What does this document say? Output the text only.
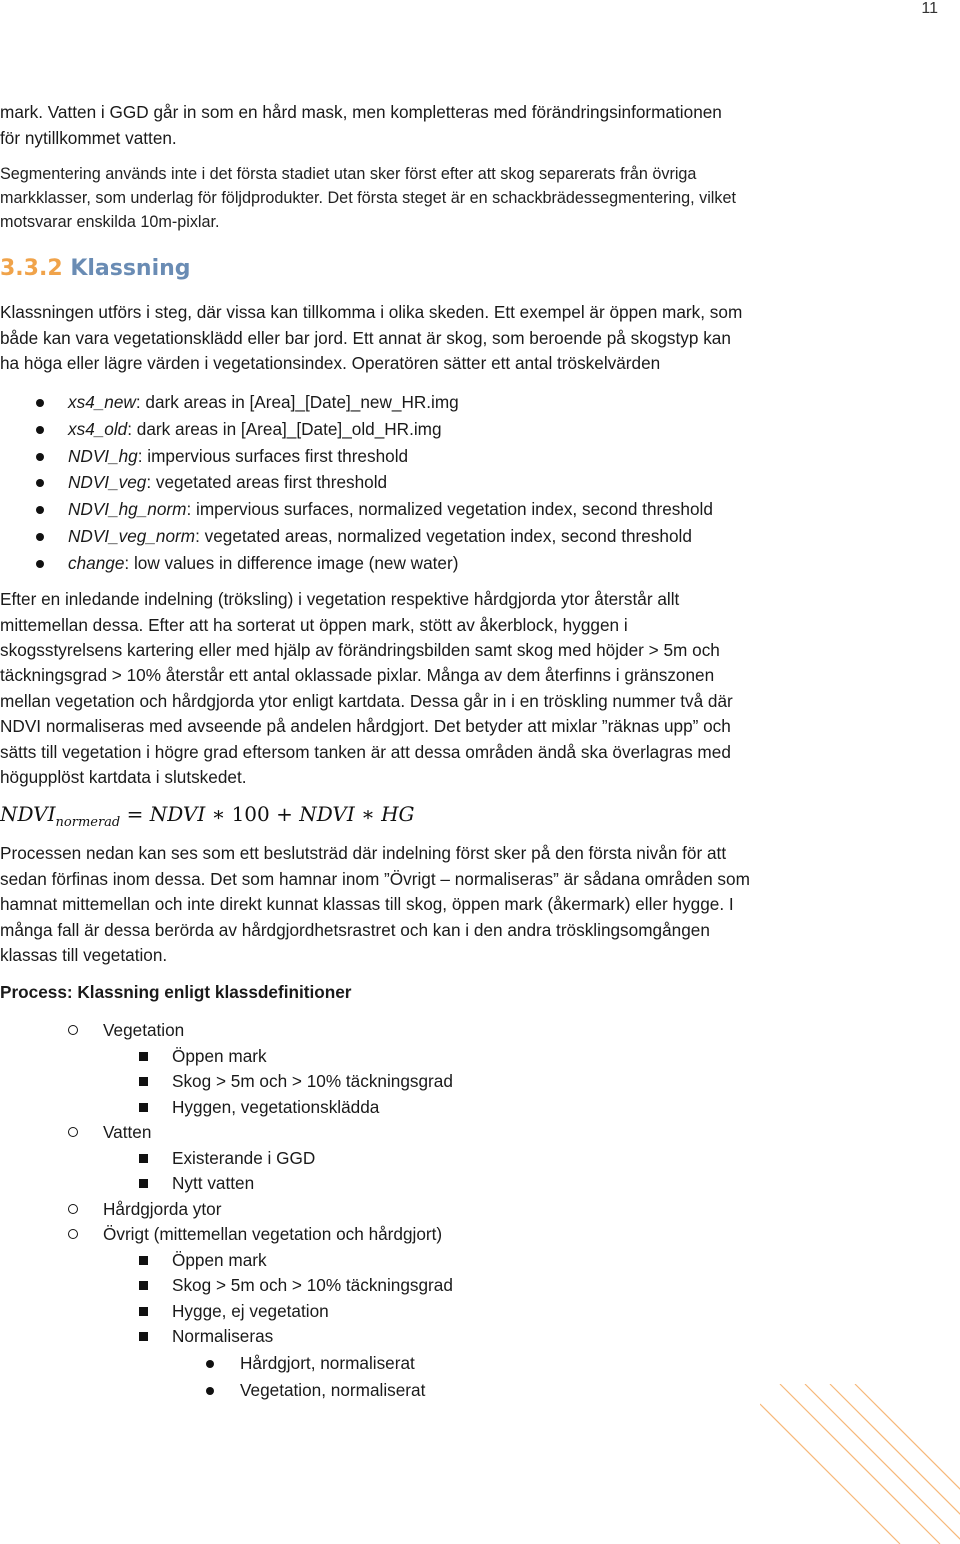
11

mark. Vatten i GGD går in som en hård mask, men kompletteras med förändringsinformationen

för nytillkommet vatten.

Segmentering används inte i det första stadiet utan sker först efter att skog separerats från övriga

markklasser, som underlag för följdprodukter. Det första steget är en schackbrädessegmentering, vilket

motsvarar enskilda 10m-pixlar.

3.3.2 Klassning

Klassningen utförs i steg, där vissa kan tillkomma i olika skeden. Ett exempel är öppen mark, som

både kan vara vegetationsklädd eller bar jord. Ett annat är skog, som beroende på skogstyp kan

ha höga eller lägre värden i vegetationsindex. Operatören sätter ett antal tröskelvärden

xs4_new: dark areas in [Area]_[Date]_new_HR.img
xs4_old: dark areas in [Area]_[Date]_old_HR.img
NDVI_hg: impervious surfaces first threshold
NDVI_veg: vegetated areas first threshold
NDVI_hg_norm: impervious surfaces, normalized vegetation index, second threshold
NDVI_veg_norm: vegetated areas, normalized vegetation index, second threshold
change: low values in difference image (new water)

Efter en inledande indelning (tröksling) i vegetation respektive hårdgjorda ytor återstår allt

mittemellan dessa. Efter att ha sorterat ut öppen mark, stött av åkerblock, hyggen i

skogsstyrelsens kartering eller med hjälp av förändringsbilden samt skog med höjder > 5m och

täckningsgrad > 10% återstår ett antal oklassade pixlar. Många av dem återfinns i gränszonen

mellan vegetation och hårdgjorda ytor enligt kartdata. Dessa går in i en tröskling nummer två där

NDVI normaliseras med avseende på andelen hårdgjort. Det betyder att mixlar ”räknas upp” och

sätts till vegetation i högre grad eftersom tanken är att dessa områden ändå ska överlagras med

högupplöst kartdata i slutskedet.

$NDVI_{normerad}$ = NDVI ∗ 100 + NDVI ∗ HG

Processen nedan kan ses som ett beslutsträd där indelning först sker på den första nivån för att

sedan förfinas inom dessa. Det som hamnar inom ”Övrigt – normaliseras” är sådana områden som

hamnat mittemellan och inte direkt kunnat klassas till skog, öppen mark (åkermark) eller hygge. I

många fall är dessa berörda av hårdgjordhetsrastret och kan i den andra trösklingsomgången

klassas till vegetation.

Process: Klassning enligt klassdefinitioner

Vegetation
Öppen mark
Skog > 5m och > 10% täckningsgrad
Hyggen, vegetationsklädda
Vatten
Existerande i GGD
Nytt vatten
Hårdgjorda ytor
Övrigt (mittemellan vegetation och hårdgjort)
Öppen mark
Skog > 5m och > 10% täckningsgrad
Hygge, ej vegetation
Normaliseras
Hårdgjort, normaliserat
Vegetation, normaliserat
